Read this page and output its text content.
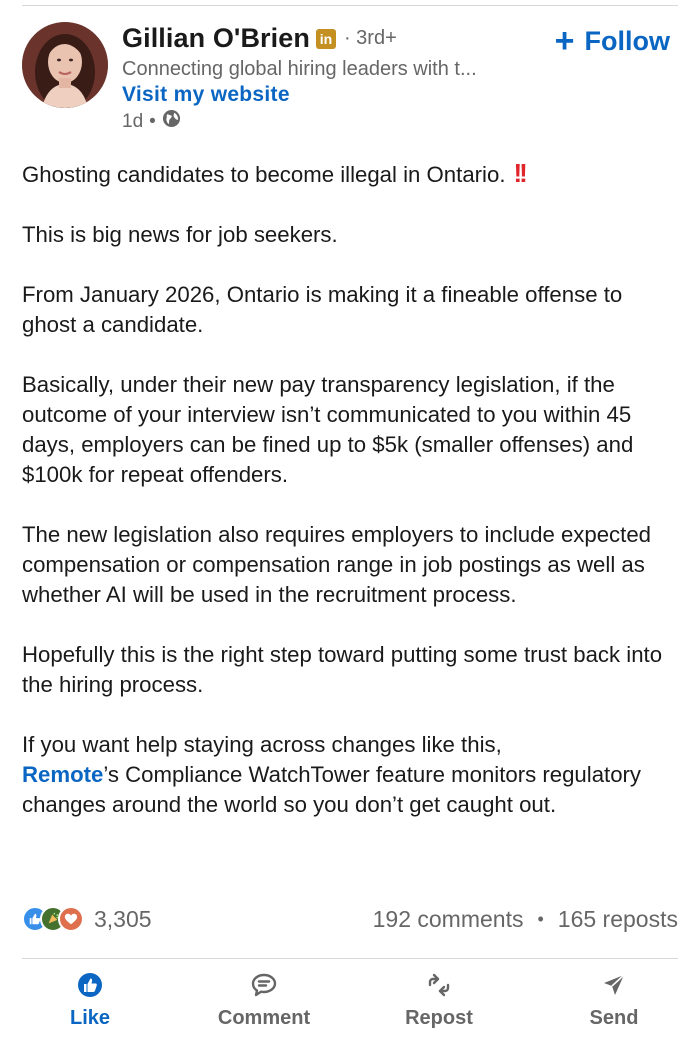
Gillian O'Brien in · 3rd+
Connecting global hiring leaders with t...
Visit my website
1d •
+ Follow

Ghosting candidates to become illegal in Ontario. !!

This is big news for job seekers.

From January 2026, Ontario is making it a fineable offense to ghost a candidate.

Basically, under their new pay transparency legislation, if the outcome of your interview isn’t communicated to you within 45 days, employers can be fined up to $5k (smaller offenses) and $100k for repeat offenders.

The new legislation also requires employers to include expected compensation or compensation range in job postings as well as whether AI will be used in the recruitment process.

Hopefully this is the right step toward putting some trust back into the hiring process.

If you want help staying across changes like this,
Remote’s Compliance WatchTower feature monitors regulatory changes around the world so you don’t get caught out.

3,305	192 comments • 165 reposts
Like	Comment	Repost	Send
